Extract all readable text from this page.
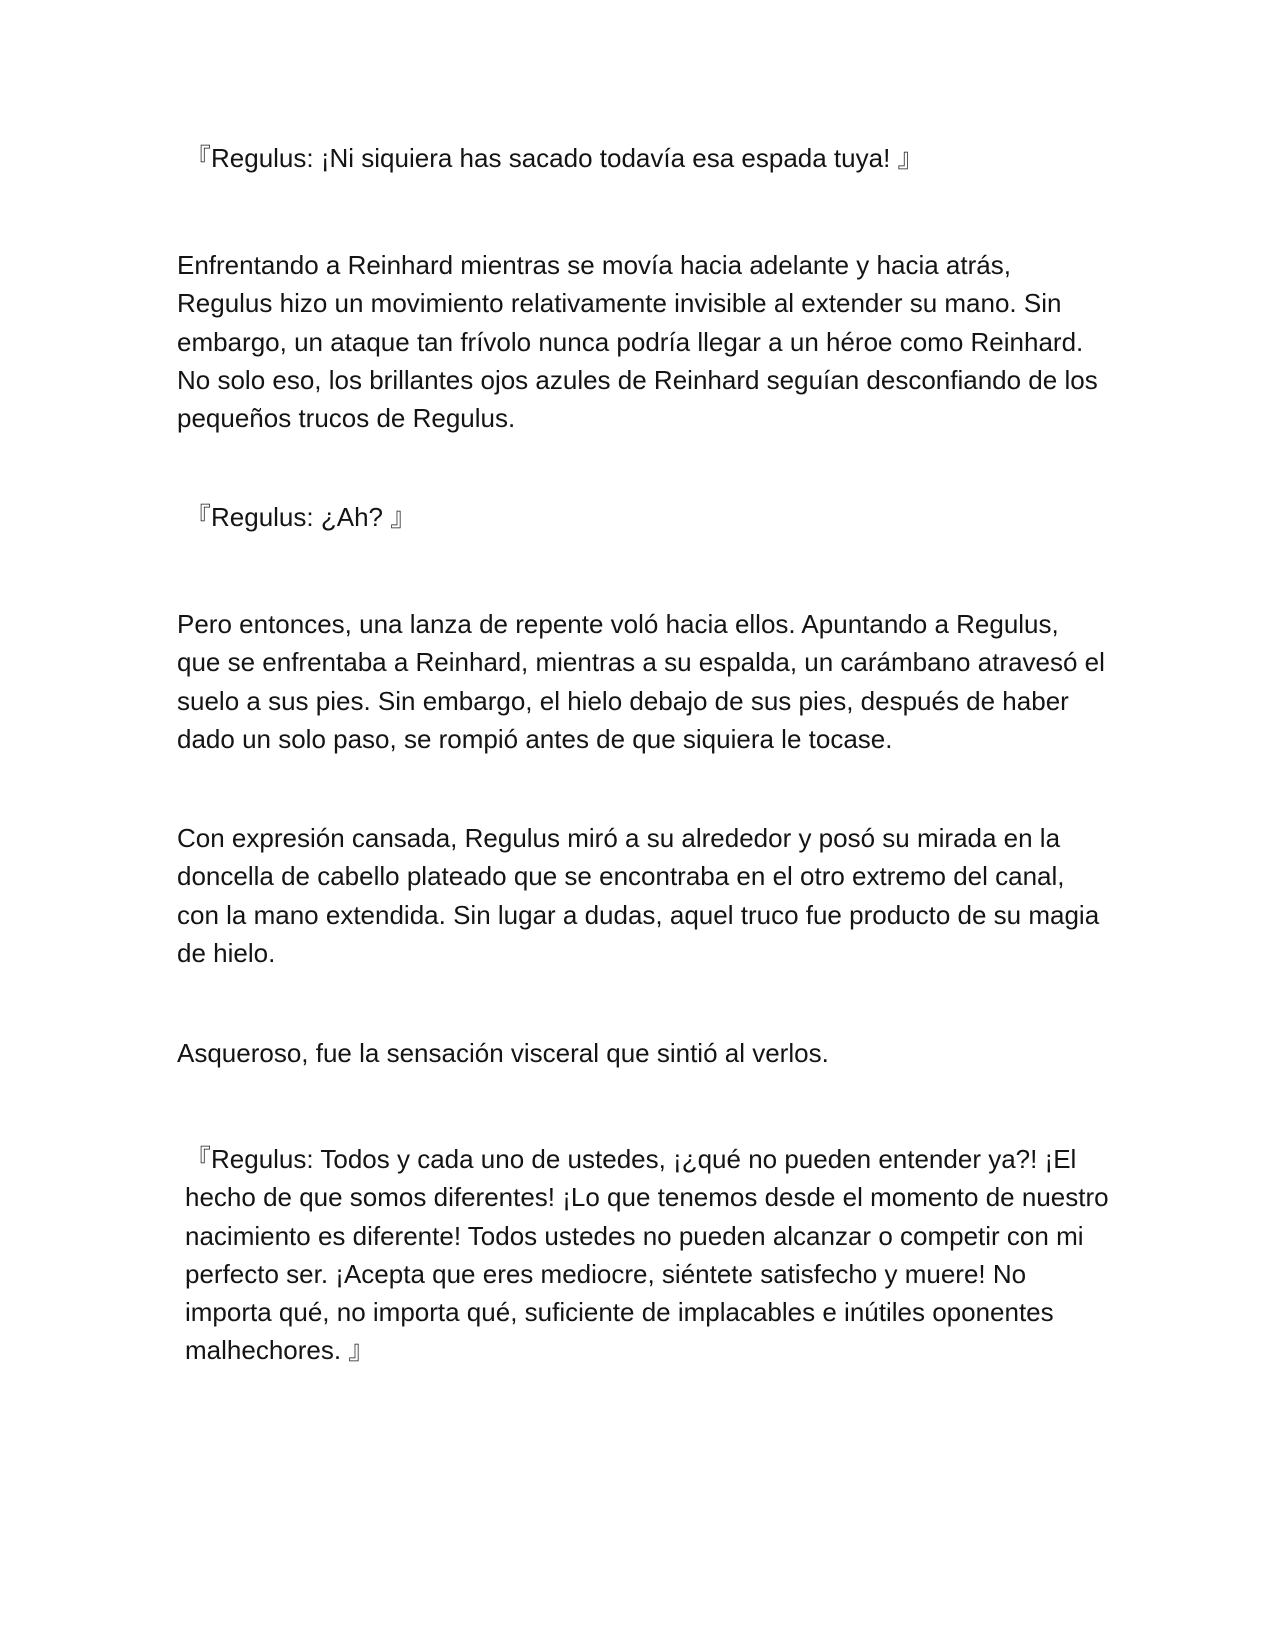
『Regulus: ¡Ni siquiera has sacado todavía esa espada tuya! 』

Enfrentando a Reinhard mientras se movía hacia adelante y hacia atrás, Regulus hizo un movimiento relativamente invisible al extender su mano. Sin embargo, un ataque tan frívolo nunca podría llegar a un héroe como Reinhard. No solo eso, los brillantes ojos azules de Reinhard seguían desconfiando de los pequeños trucos de Regulus.

『Regulus: ¿Ah? 』

Pero entonces, una lanza de repente voló hacia ellos. Apuntando a Regulus, que se enfrentaba a Reinhard, mientras a su espalda, un carámbano atravesó el suelo a sus pies. Sin embargo, el hielo debajo de sus pies, después de haber dado un solo paso, se rompió antes de que siquiera le tocase.

Con expresión cansada, Regulus miró a su alrededor y posó su mirada en la doncella de cabello plateado que se encontraba en el otro extremo del canal, con la mano extendida. Sin lugar a dudas, aquel truco fue producto de su magia de hielo.

Asqueroso, fue la sensación visceral que sintió al verlos.

『Regulus: Todos y cada uno de ustedes, ¡¿qué no pueden entender ya?! ¡El hecho de que somos diferentes! ¡Lo que tenemos desde el momento de nuestro nacimiento es diferente! Todos ustedes no pueden alcanzar o competir con mi perfecto ser. ¡Acepta que eres mediocre, siéntete satisfecho y muere! No importa qué, no importa qué, suficiente de implacables e inútiles oponentes malhechores. 』
